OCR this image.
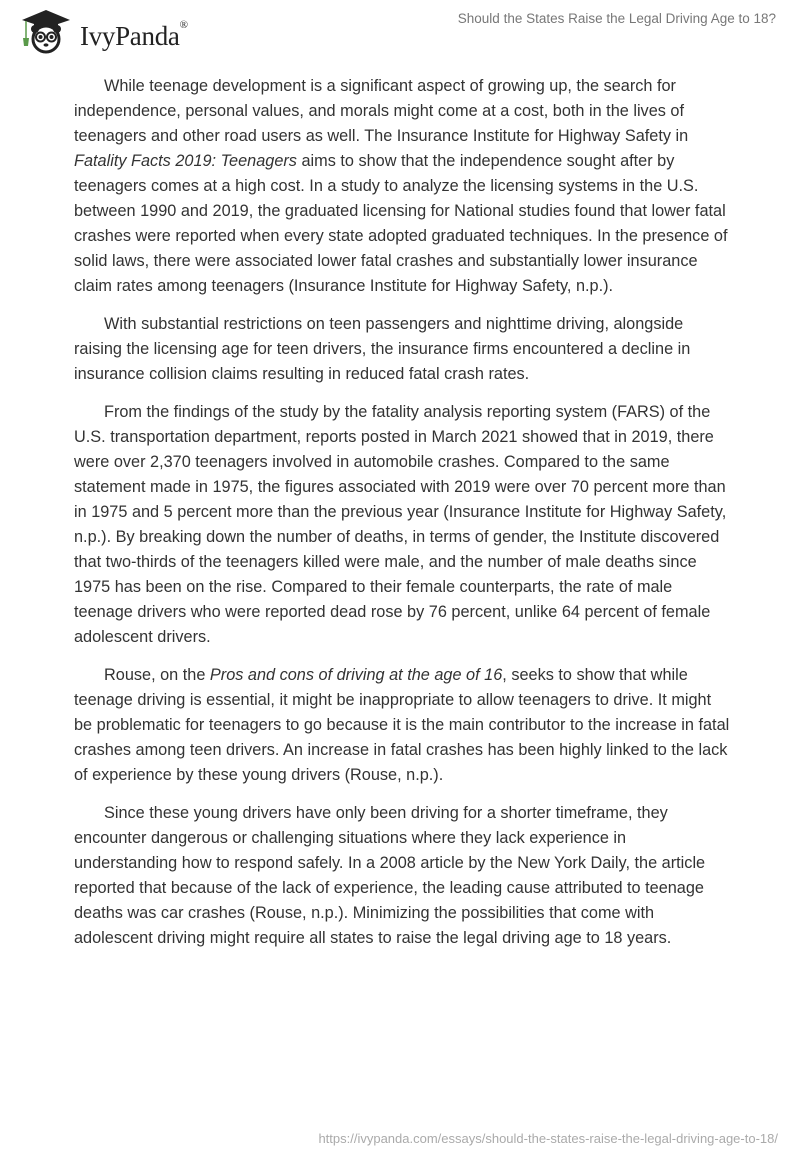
IvyPanda®	Should the States Raise the Legal Driving Age to 18?

While teenage development is a significant aspect of growing up, the search for independence, personal values, and morals might come at a cost, both in the lives of teenagers and other road users as well. The Insurance Institute for Highway Safety in Fatality Facts 2019: Teenagers aims to show that the independence sought after by teenagers comes at a high cost. In a study to analyze the licensing systems in the U.S. between 1990 and 2019, the graduated licensing for National studies found that lower fatal crashes were reported when every state adopted graduated techniques. In the presence of solid laws, there were associated lower fatal crashes and substantially lower insurance claim rates among teenagers (Insurance Institute for Highway Safety, n.p.).

With substantial restrictions on teen passengers and nighttime driving, alongside raising the licensing age for teen drivers, the insurance firms encountered a decline in insurance collision claims resulting in reduced fatal crash rates.

From the findings of the study by the fatality analysis reporting system (FARS) of the U.S. transportation department, reports posted in March 2021 showed that in 2019, there were over 2,370 teenagers involved in automobile crashes. Compared to the same statement made in 1975, the figures associated with 2019 were over 70 percent more than in 1975 and 5 percent more than the previous year (Insurance Institute for Highway Safety, n.p.). By breaking down the number of deaths, in terms of gender, the Institute discovered that two-thirds of the teenagers killed were male, and the number of male deaths since 1975 has been on the rise. Compared to their female counterparts, the rate of male teenage drivers who were reported dead rose by 76 percent, unlike 64 percent of female adolescent drivers.

Rouse, on the Pros and cons of driving at the age of 16, seeks to show that while teenage driving is essential, it might be inappropriate to allow teenagers to drive. It might be problematic for teenagers to go because it is the main contributor to the increase in fatal crashes among teen drivers. An increase in fatal crashes has been highly linked to the lack of experience by these young drivers (Rouse, n.p.).

Since these young drivers have only been driving for a shorter timeframe, they encounter dangerous or challenging situations where they lack experience in understanding how to respond safely. In a 2008 article by the New York Daily, the article reported that because of the lack of experience, the leading cause attributed to teenage deaths was car crashes (Rouse, n.p.). Minimizing the possibilities that come with adolescent driving might require all states to raise the legal driving age to 18 years.

https://ivypanda.com/essays/should-the-states-raise-the-legal-driving-age-to-18/
